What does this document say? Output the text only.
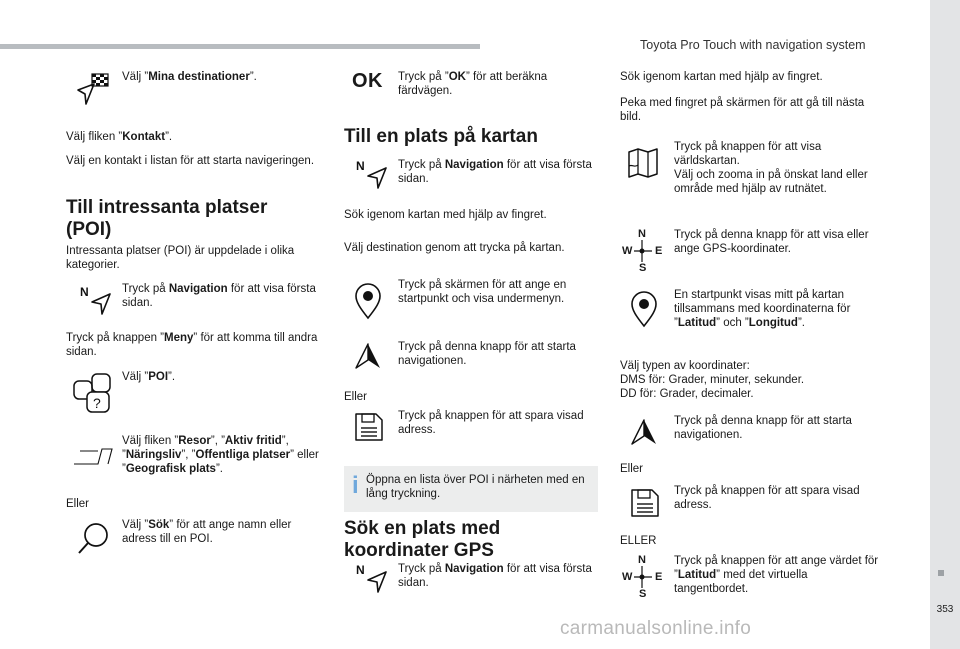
Toyota Pro Touch with navigation system
353
carmanualsonline.info
Välj ”Mina destinationer”.
Välj fliken ”Kontakt”.
Välj en kontakt i listan för att starta navigeringen.
Till intressanta platser
(POI)
Intressanta platser (POI) är uppdelade i olika kategorier.
N	Tryck på Navigation för att visa första sidan.
Tryck på knappen ”Meny” för att komma till andra sidan.
?
Välj ”POI”.
Välj fliken ”Resor”, ”Aktiv fritid”, ”Näringsliv”, ”Offentliga platser” eller ”Geografisk plats”.
Eller
Välj ”Sök” för att ange namn eller adress till en POI.
OK Tryck på ”OK” för att beräkna färdvägen.
Till en plats på kartan
N	Tryck på Navigation för att visa första sidan.
Sök igenom kartan med hjälp av fingret.
Välj destination genom att trycka på kartan.
Tryck på skärmen för att ange en startpunkt och visa undermenyn.
Tryck på denna knapp för att starta navigationen.
Eller
Tryck på knappen för att spara visad adress.
i Öppna en lista över POI i närheten med en lång tryckning.
Sök en plats med
koordinater GPS
N	Tryck på Navigation för att visa första sidan.
Sök igenom kartan med hjälp av fingret.
Peka med fingret på skärmen för att gå till nästa bild.
Tryck på knappen för att visa världskartan.
Välj och zooma in på önskat land eller område med hjälp av rutnätet.
N
W E
S
Tryck på denna knapp för att visa eller ange GPS-koordinater.
En startpunkt visas mitt på kartan tillsammans med koordinaterna för ”Latitud” och ”Longitud”.
Välj typen av koordinater:
DMS för: Grader, minuter, sekunder.
DD för: Grader, decimaler.
Tryck på denna knapp för att starta navigationen.
Eller
Tryck på knappen för att spara visad adress.
ELLER
N
W E
S
Tryck på knappen för att ange värdet för ”Latitud” med det virtuella tangentbordet.
